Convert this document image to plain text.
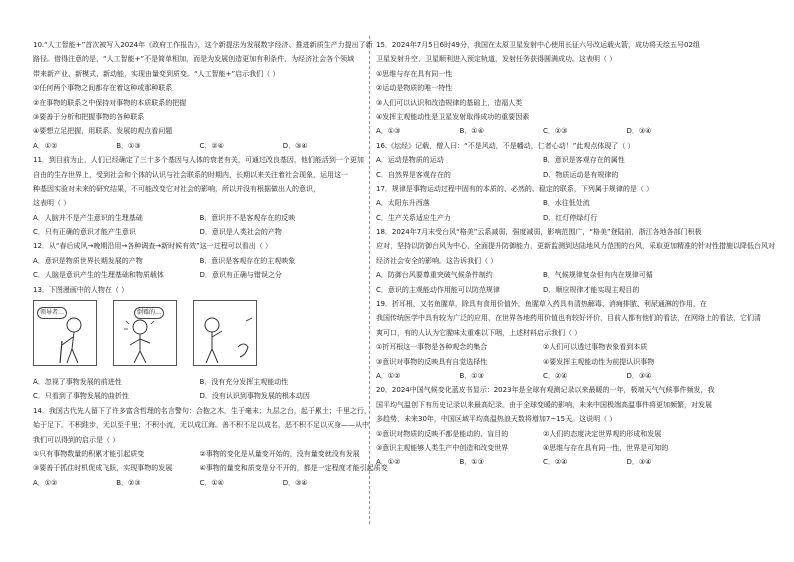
10.“人工智能+”首次被写入2024年《政府工作报告》，这个新提法为发展数字经济、推进新质生产力提出了新
路径。借得注意的是，“人工智能+”不是简单相加，而是为发展创造更加有利条件，为经济社会各个领域
带来新产业、新模式、新动能，实现由量变到质变。“人工智能+”启示我们（ ）
①任何两个事物之间都存在着这种或那种联系
②在事物的联系之中保持对事物的本质联系的把握
③要善于分析和把握事物的各种联系
④要想立足把握，用联系、发展的观点看问题
A．①②	B．①③	C．②④	D．③④
11．到目前为止，人们已经确定了三十多个基因与人体的衰老有关，可通过改良基因，他们能活到一个更加
自由的生存世界上，受到社会和个体的认识与社会联系的时期内，长期以来关注着社会现象，运用这一
种基因实验对未来的研究结果，不可能改变它对社会的影响，所以并没有根据做出人的意识，
这表明（ ）
A．人脑并不是产生意识的生理基础	B．意识并不是客观存在的反映
C．只有正确的意识才能产生意识	D．意识是人类社会的产物
12．从“春后成风→晚期沿用→各种调查→新时候有效”这一过程可以看出（ ）
A．意识是物质世界长期发展的产物	B．意识是客观存在的主观映象
C．人脑是意识产生的生理基础和物质载体	D．意识有正确与错误之分
13．下图漫画中的人物在（ ）
领导者…	倒霉的…
A．忽视了事物发展的前进性	B．没有充分发挥主观能动性
C．只看到了事物发展的曲折性	D．没有认识到事物发展的根本动因
14．我国古代先人留下了许多富含哲理的名言警句：合抱之木，生于毫末；九层之台，起于累土；千里之行，
始于足下。不积跬步，无以至千里；不积小流，无以成江海。善不积不足以成名，恶不积不足以灭身——从中
我们可以得到的启示是（ ）
①只有事物数量的积累才能引起质变	②事物的变化是从量变开始的，没有量变就没有发展
③要善于抓住时机促成飞跃，实现事物的发展	④事物的量变和质变是分不开的，都是一定程度才能引起质变
A．①②	B．②③	C．①④	D．③④
15．2024年7月5日6时49分，我国在太原卫星发射中心使用长征六号改运载火箭，成功将天绘五号02组
卫星发射升空，卫星顺利进入预定轨道，发射任务获得圆满成功。这表明（ ）
①思维与存在具有同一性
②运动是物质的唯一特性
③人们可以认识和改造规律的基础上，造福人类
④发挥主观能动性是卫星发射取得成功的重要因素
A．①③	B．①④	C．②③	D．③④
16.《坛经》记载，僧人曰：“不是风动，不是幡动，仁者心动！”此观点体现了（ ）
A．运动是物质的运动	B．意识是客观存在的属性
C．自然界是客观存在的	D．物质运动是有规律的
17．规律是事物运动过程中固有的本质的、必然的、稳定的联系，下列属于规律的是（ ）
A．太阳东升西落	B．水往低处流
C．生产关系适应生产力	D．红灯停绿灯行
18．2024年7月末受台风“格美”云系减弱，强度减弱，影响范围广，“格美”登陆前，浙江各地各部门积极
应对，坚持以防御台风为中心，全面提升防御能力，更新监测到达陆地风力范围的台风，采取更加精准的针对性措施以降低台风对
经济社会安全的影响。这告诉我们（ ）
A．防御台风要尊重突破气候条件制约	B．气候规律复杂但有内在规律可循
C．意识的主观能动作用能可以防范规律	D．顺应规律才能实现主观目的
19．折耳根，又名鱼腥草，除具有食用价值外，鱼腥草入药具有清热解毒、消痈排脓、利尿通淋的作用，在
我国传统医学中具有较为广泛的应用，在世界各地药用价值也有较好评价，目前人都有他们的看法，在网络上的看法，它们清
爽可口，有的人认为它腥味太重难以下咽，上述材料启示我们（ ）
①折耳根这一事物是各种观念的集合	②人们可以透过事物表象看到本质
③意识对事物的反映具有自觉选择性	④要发挥主观能动性为前提认识事物
A．①②	B．①③	C．②④	D．③④
20．2024中国气候变化蓝皮书显示：2023年是全球有观测记录以来最暖的一年，极端天气气候事件频发，我
国平均气温创下有历史记录以来最高纪录。由于全球变暖的影响，未来中国极端高温事件将更加频繁，对发展
多趋势，未来30年，中国区域平均高温热浪天数将增加7~15天。这说明（ ）
①意识对物质的反映不都是能动的、盲目的	②人们的态度决定世界观的形成和发展
③意识主观能够人类生产中创造和改变世界	④思维与存在具有同一性，世界是可知的
A．①②	B．①③	C．②④	D．③④
